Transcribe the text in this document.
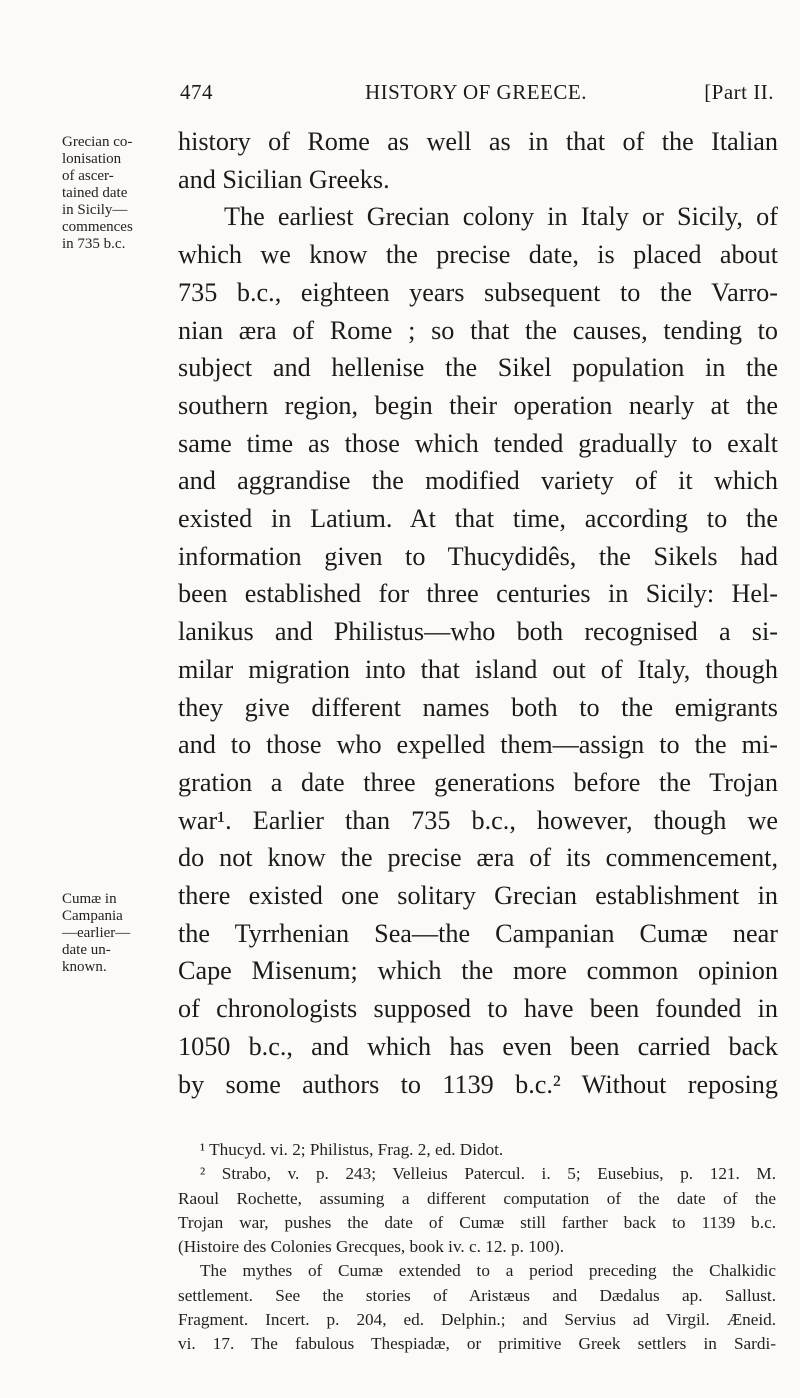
474	HISTORY OF GREECE.	[Part II.
Grecian co-
lonisation
of ascer-
tained date
in Sicily—
commences
in 735 b.c.
Cumæ in
Campania
—earlier—
date un-
known.
history of Rome as well as in that of the Italian
and Sicilian Greeks.
The earliest Grecian colony in Italy or Sicily, of
which we know the precise date, is placed about
735 b.c., eighteen years subsequent to the Varro-
nian æra of Rome ; so that the causes, tending to
subject and hellenise the Sikel population in the
southern region, begin their operation nearly at the
same time as those which tended gradually to exalt
and aggrandise the modified variety of it which
existed in Latium. At that time, according to the
information given to Thucydidês, the Sikels had
been established for three centuries in Sicily: Hel-
lanikus and Philistus—who both recognised a si-
milar migration into that island out of Italy, though
they give different names both to the emigrants
and to those who expelled them—assign to the mi-
gration a date three generations before the Trojan
war¹. Earlier than 735 b.c., however, though we
do not know the precise æra of its commencement,
there existed one solitary Grecian establishment in
the Tyrrhenian Sea—the Campanian Cumæ near
Cape Misenum; which the more common opinion
of chronologists supposed to have been founded in
1050 b.c., and which has even been carried back
by some authors to 1139 b.c.² Without reposing
¹ Thucyd. vi. 2; Philistus, Frag. 2, ed. Didot.
² Strabo, v. p. 243; Velleius Patercul. i. 5; Eusebius, p. 121. M.
Raoul Rochette, assuming a different computation of the date of the
Trojan war, pushes the date of Cumæ still farther back to 1139 b.c.
(Histoire des Colonies Grecques, book iv. c. 12. p. 100).
The mythes of Cumæ extended to a period preceding the Chalkidic
settlement. See the stories of Aristæus and Dædalus ap. Sallust.
Fragment. Incert. p. 204, ed. Delphin.; and Servius ad Virgil. Æneid.
vi. 17. The fabulous Thespiadæ, or primitive Greek settlers in Sardi-
